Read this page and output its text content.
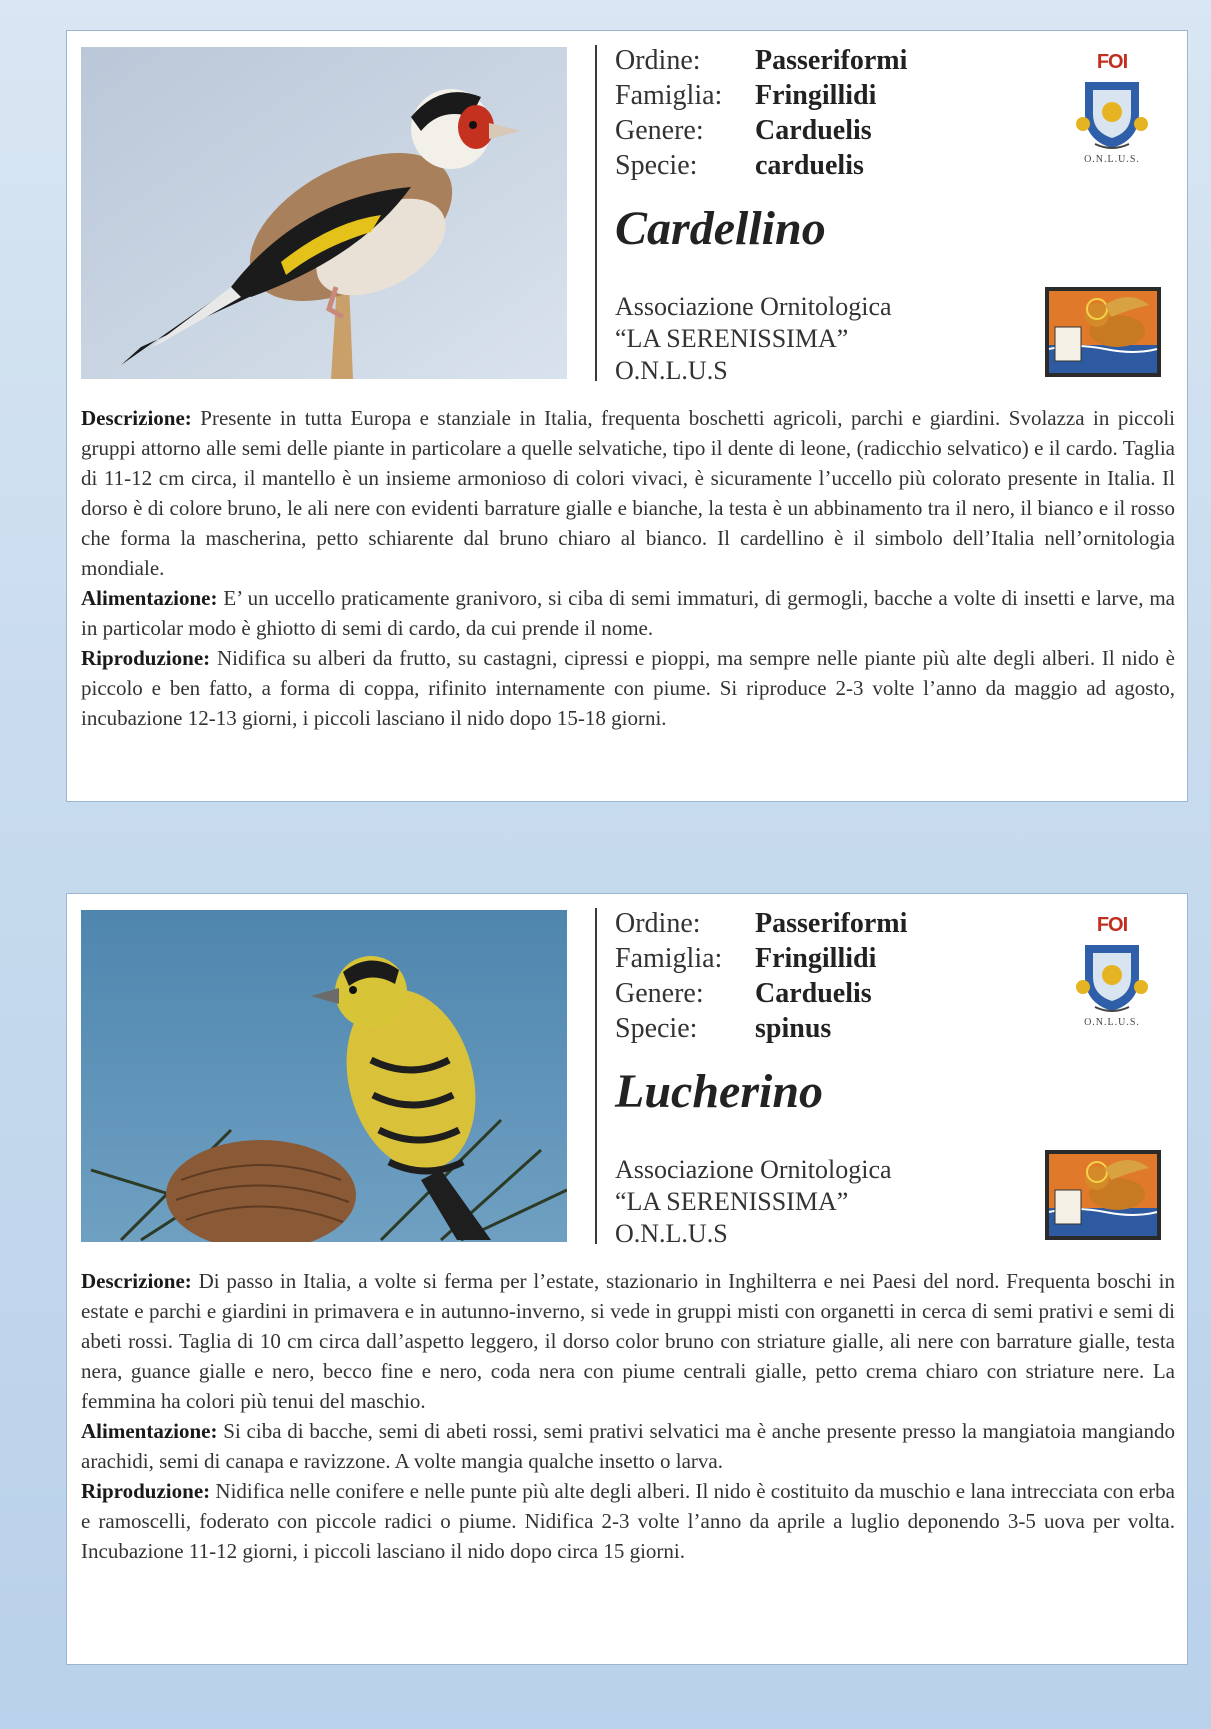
Ordine:	Passeriformi
Famiglia:	Fringillidi
Genere:	Carduelis
Specie:	carduelis
Cardellino
Associazione Ornitologica
“LA SERENISSIMA”
O.N.L.U.S
FOI
O.N.L.U.S.

Descrizione: Presente in tutta Europa e stanziale in Italia, frequenta boschetti agricoli, parchi e giardini. Svolazza in piccoli gruppi attorno alle semi delle piante in particolare a quelle selvatiche, tipo il dente di leone, (radicchio selvatico) e il cardo. Taglia di 11-12 cm circa, il mantello è un insieme armonioso di colori vivaci, è sicuramente l’uccello più colorato presente in Italia. Il dorso è di colore bruno, le ali nere con evidenti barrature gialle e bianche, la testa è un abbinamento tra il nero, il bianco e il rosso che forma la mascherina, petto schiarente dal bruno chiaro al bianco. Il cardellino è il simbolo dell’Italia nell’ornitologia mondiale.

Alimentazione: E’ un uccello praticamente granivoro, si ciba di semi immaturi, di germogli, bacche a volte di insetti e larve, ma in particolar modo è ghiotto di semi di cardo, da cui prende il nome.

Riproduzione: Nidifica su alberi da frutto, su castagni, cipressi e pioppi, ma sempre nelle piante più alte degli alberi. Il nido è piccolo e ben fatto, a forma di coppa, rifinito internamente con piume. Si riproduce 2-3 volte l’anno da maggio ad agosto, incubazione 12-13 giorni, i piccoli lasciano il nido dopo 15-18 giorni.

Ordine:	Passeriformi
Famiglia:	Fringillidi
Genere:	Carduelis
Specie:	spinus
Lucherino
Associazione Ornitologica
“LA SERENISSIMA”
O.N.L.U.S
FOI
O.N.L.U.S.

Descrizione: Di passo in Italia, a volte si ferma per l’estate, stazionario in Inghilterra e nei Paesi del nord. Frequenta boschi in estate e parchi e giardini in primavera e in autunno-inverno, si vede in gruppi misti con organetti in cerca di semi prativi e semi di abeti rossi. Taglia di 10 cm circa dall’aspetto leggero, il dorso color bruno con striature gialle, ali nere con barrature gialle, testa nera, guance gialle e nero, becco fine e nero, coda nera con piume centrali gialle, petto crema chiaro con striature nere. La femmina ha colori più tenui del maschio.

Alimentazione: Si ciba di bacche, semi di abeti rossi, semi prativi selvatici ma è anche presente presso la mangiatoia mangiando arachidi, semi di canapa e ravizzone. A volte mangia qualche insetto o larva.

Riproduzione: Nidifica nelle conifere e nelle punte più alte degli alberi. Il nido è costituito da muschio e lana intrecciata con erba e ramoscelli, foderato con piccole radici o piume. Nidifica 2-3 volte l’anno da aprile a luglio deponendo 3-5 uova per volta. Incubazione 11-12 giorni, i piccoli lasciano il nido dopo circa 15 giorni.
